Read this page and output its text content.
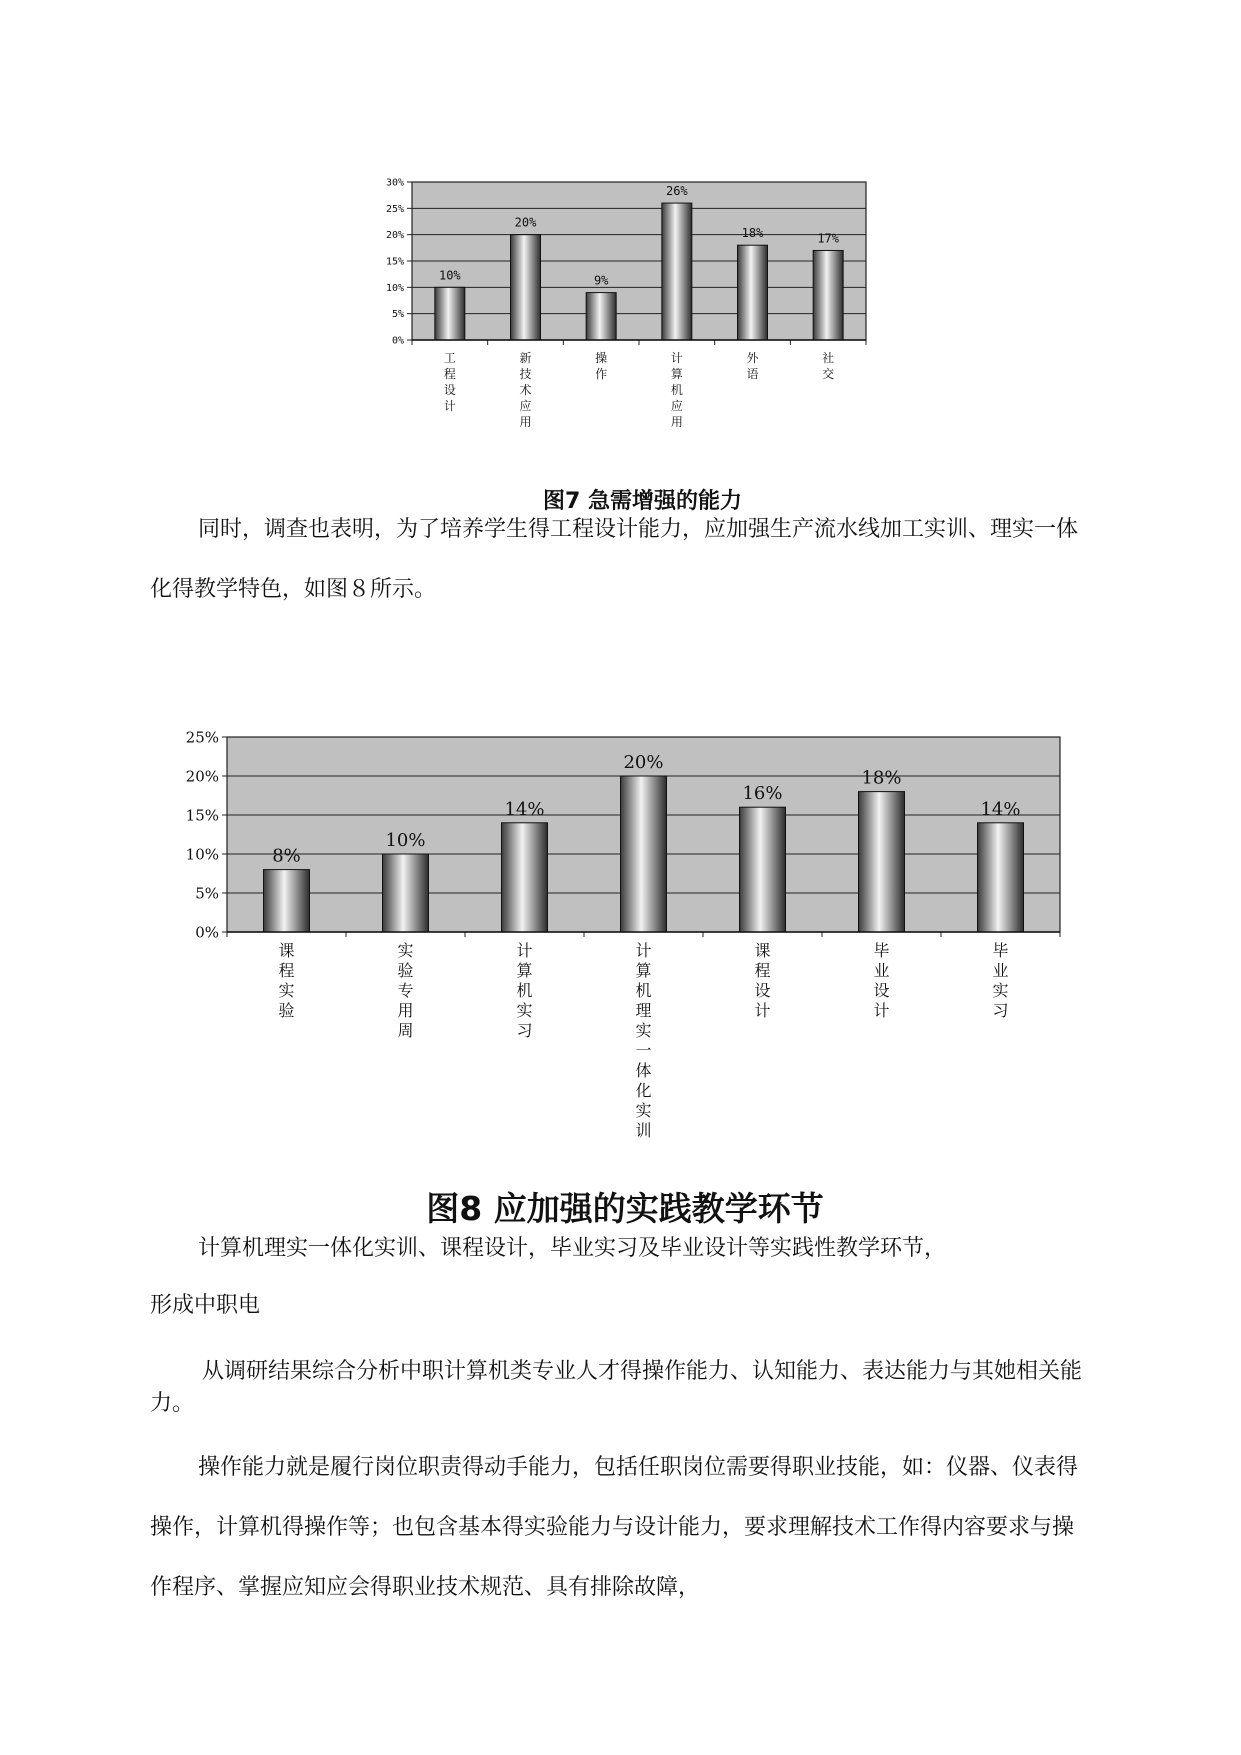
0%
5%
10%
15%
20%
25%
30%
10%
工程设计
20%
新技术应用
9%
操作
26%
计算机应用
18%
外语
17%
社交
图7 急需增强的能力

同时，调查也表明，为了培养学生得工程设计能力，应加强生产流水线加工实训、理实一体化得教学特色，如图８所示。

0%
5%
10%
15%
20%
25%
8%
课程实验
10%
实验专用周
14%
计算机实习
20%
计算机理实一体化实训
16%
课程设计
18%
毕业设计
14%
毕业实习
图8 应加强的实践教学环节

计算机理实一体化实训、课程设计，毕业实习及毕业设计等实践性教学环节，

形成中职电

从调研结果综合分析中职计算机类专业人才得操作能力、认知能力、表达能力与其她相关能力。

操作能力就是履行岗位职责得动手能力，包括任职岗位需要得职业技能，如：仪器、仪表得操作，计算机得操作等；也包含基本得实验能力与设计能力，要求理解技术工作得内容要求与操作程序、掌握应知应会得职业技术规范、具有排除故障，
